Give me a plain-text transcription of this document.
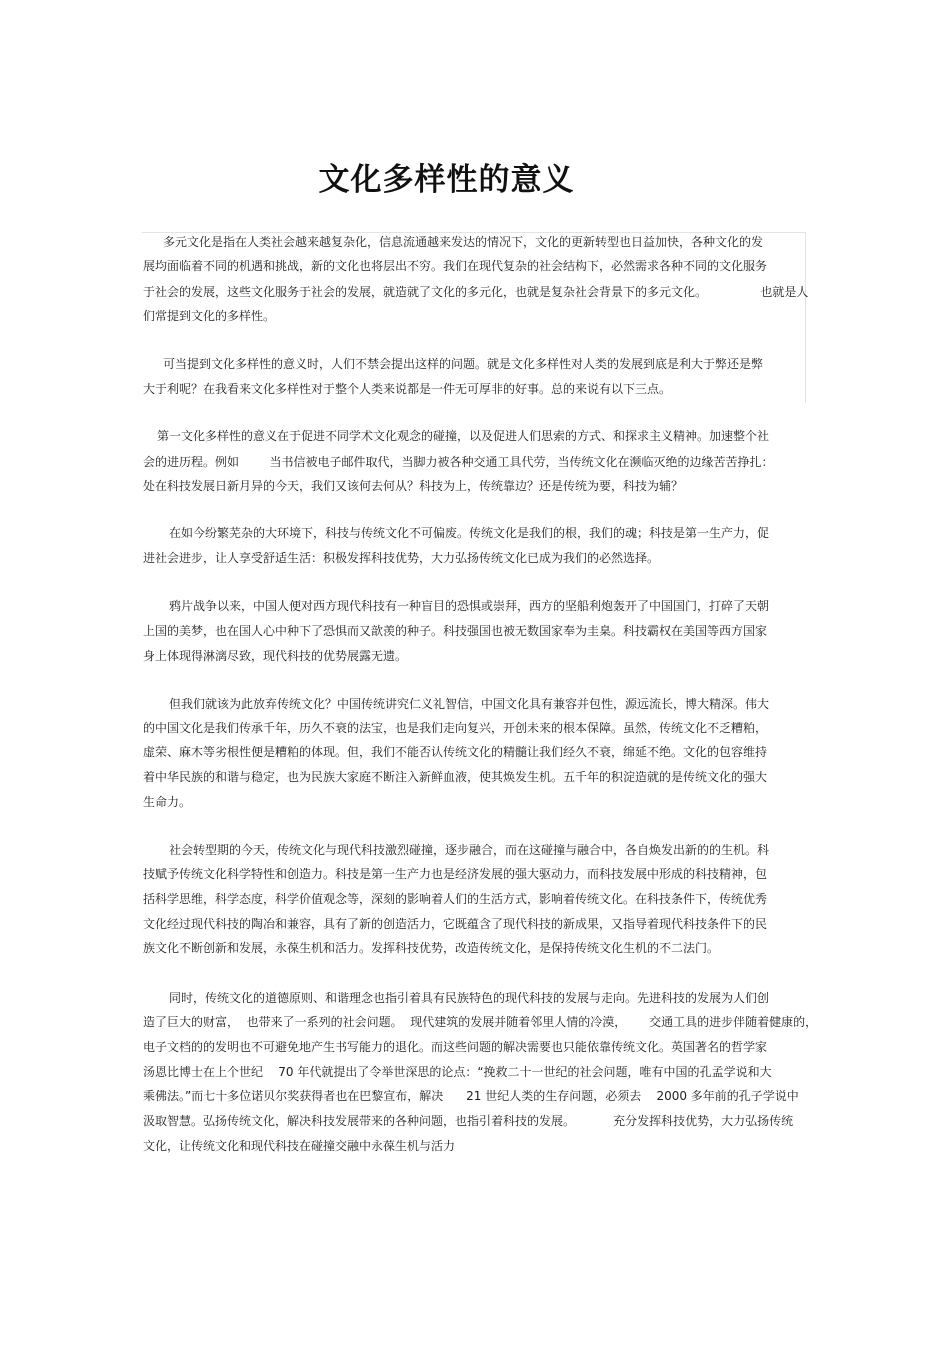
文化多样性的意义
多元文化是指在人类社会越来越复杂化，信息流通越来发达的情况下，文化的更新转型也日益加快，各种文化的发
展均面临着不同的机遇和挑战，新的文化也将层出不穷。我们在现代复杂的社会结构下，必然需求各种不同的文化服务
于社会的发展，这些文化服务于社会的发展，就造就了文化的多元化，也就是复杂社会背景下的多元文化。              也就是人
们常提到文化的多样性。
可当提到文化多样性的意义时，人们不禁会提出这样的问题。就是文化多样性对人类的发展到底是利大于弊还是弊
大于利呢？在我看来文化多样性对于整个人类来说都是一件无可厚非的好事。总的来说有以下三点。
第一文化多样性的意义在于促进不同学术文化观念的碰撞，以及促进人们思索的方式、和探求主义精神。加速整个社
会的进历程。例如        当书信被电子邮件取代，当脚力被各种交通工具代劳，当传统文化在濒临灭绝的边缘苦苦挣扎：
处在科技发展日新月异的今天，我们又该何去何从？科技为上，传统靠边？还是传统为要，科技为辅？
在如今纷繁芜杂的大环境下，科技与传统文化不可偏废。传统文化是我们的根，我们的魂；科技是第一生产力，促
进社会进步，让人享受舒适生活：积极发挥科技优势，大力弘扬传统文化已成为我们的必然选择。
鸦片战争以来，中国人便对西方现代科技有一种盲目的恐惧或崇拜，西方的坚船利炮轰开了中国国门，打碎了天朝
上国的美梦，也在国人心中种下了恐惧而又歆羡的种子。科技强国也被无数国家奉为圭臬。科技霸权在美国等西方国家
身上体现得淋漓尽致，现代科技的优势展露无遗。
但我们就该为此放弃传统文化？中国传统讲究仁义礼智信，中国文化具有兼容并包性，源远流长，博大精深。伟大
的中国文化是我们传承千年，历久不衰的法宝，也是我们走向复兴，开创未来的根本保障。虽然，传统文化不乏糟粕，
虚荣、麻木等劣根性便是糟粕的体现。但，我们不能否认传统文化的精髓让我们经久不衰，绵延不绝。文化的包容维持
着中华民族的和谐与稳定，也为民族大家庭不断注入新鲜血液，使其焕发生机。五千年的积淀造就的是传统文化的强大
生命力。
社会转型期的今天，传统文化与现代科技激烈碰撞，逐步融合，而在这碰撞与融合中，各自焕发出新的的生机。科
技赋予传统文化科学特性和创造力。科技是第一生产力也是经济发展的强大驱动力，而科技发展中形成的科技精神，包
括科学思维，科学态度，科学价值观念等，深刻的影响着人们的生活方式，影响着传统文化。在科技条件下，传统优秀
文化经过现代科技的陶冶和兼容，具有了新的创造活力，它既蕴含了现代科技的新成果，又指导着现代科技条件下的民
族文化不断创新和发展，永葆生机和活力。发挥科技优势，改造传统文化，是保持传统文化生机的不二法门。
同时，传统文化的道德原则、和谐理念也指引着具有民族特色的现代科技的发展与走向。先进科技的发展为人们创
造了巨大的财富，  也带来了一系列的社会问题。  现代建筑的发展并随着邻里人情的冷漠，      交通工具的进步伴随着健康的，
电子文档的的发明也不可避免地产生书写能力的退化。而这些问题的解决需要也只能依靠传统文化。英国著名的哲学家
汤恩比博士在上个世纪    70 年代就提出了令举世深思的论点：“挽救二十一世纪的社会问题，唯有中国的孔孟学说和大
乘佛法。”而七十多位诺贝尔奖获得者也在巴黎宣布，解决      21 世纪人类的生存问题，必须去    2000 多年前的孔子学说中
汲取智慧。弘扬传统文化，解决科技发展带来的各种问题，也指引着科技的发展。          充分发挥科技优势，大力弘扬传统
文化，让传统文化和现代科技在碰撞交融中永葆生机与活力
